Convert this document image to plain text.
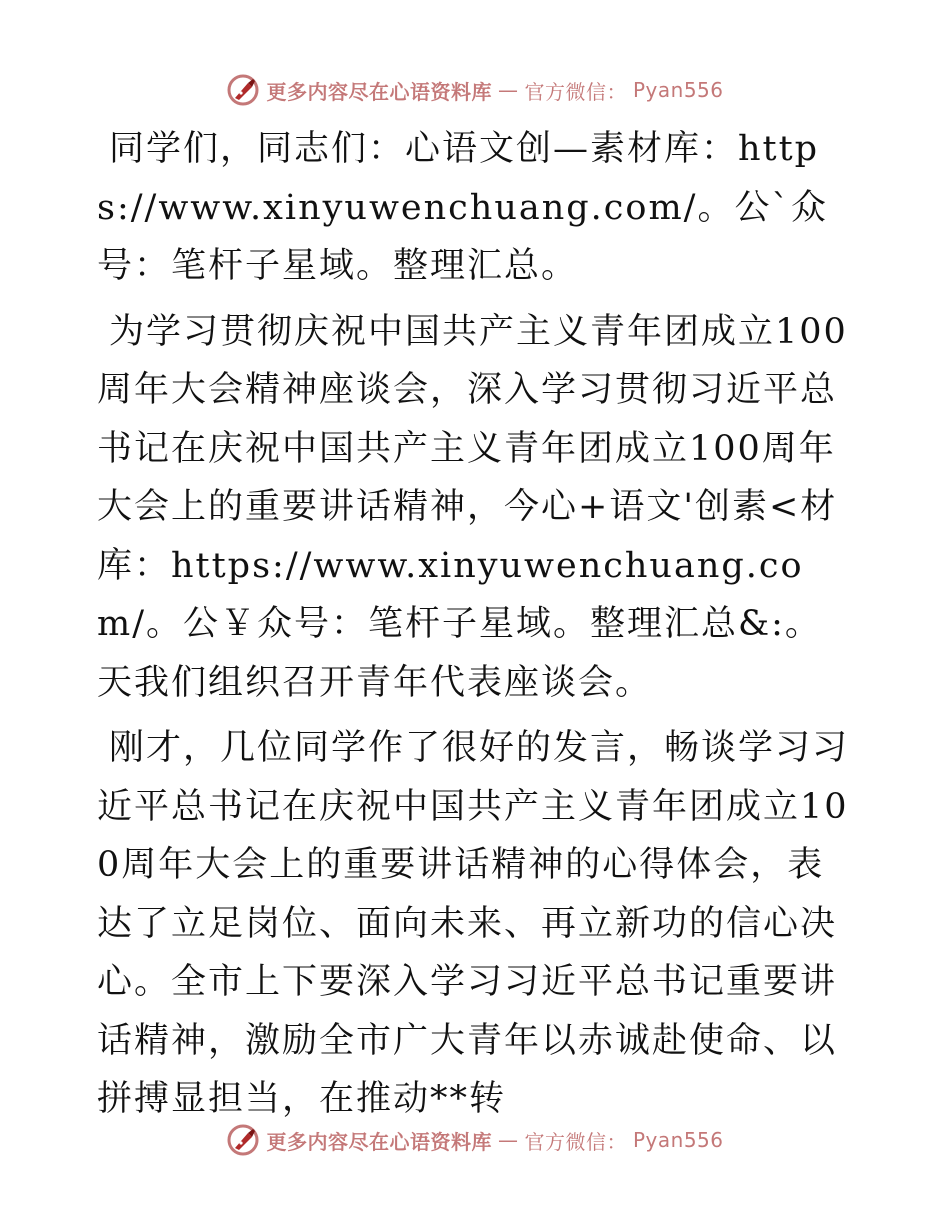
更多内容尽在心语资料库 — 官方微信： Pyan556

同学们，同志们：心语文创—素材库：https://www.xinyuwenchuang.com/。公`众号：笔杆子星域。整理汇总。

为学习贯彻庆祝中国共产主义青年团成立100周年大会精神座谈会，深入学习贯彻习近平总书记在庆祝中国共产主义青年团成立100周年大会上的重要讲话精神，今心+语文'创素<材库：https://www.xinyuwenchuang.com/。公￥众号：笔杆子星域。整理汇总&:。天我们组织召开青年代表座谈会。

刚才，几位同学作了很好的发言，畅谈学习习近平总书记在庆祝中国共产主义青年团成立100周年大会上的重要讲话精神的心得体会，表达了立足岗位、面向未来、再立新功的信心决心。全市上下要深入学习习近平总书记重要讲话精神，激励全市广大青年以赤诚赴使命、以拼搏显担当，在推动**转

更多内容尽在心语资料库 — 官方微信： Pyan556
